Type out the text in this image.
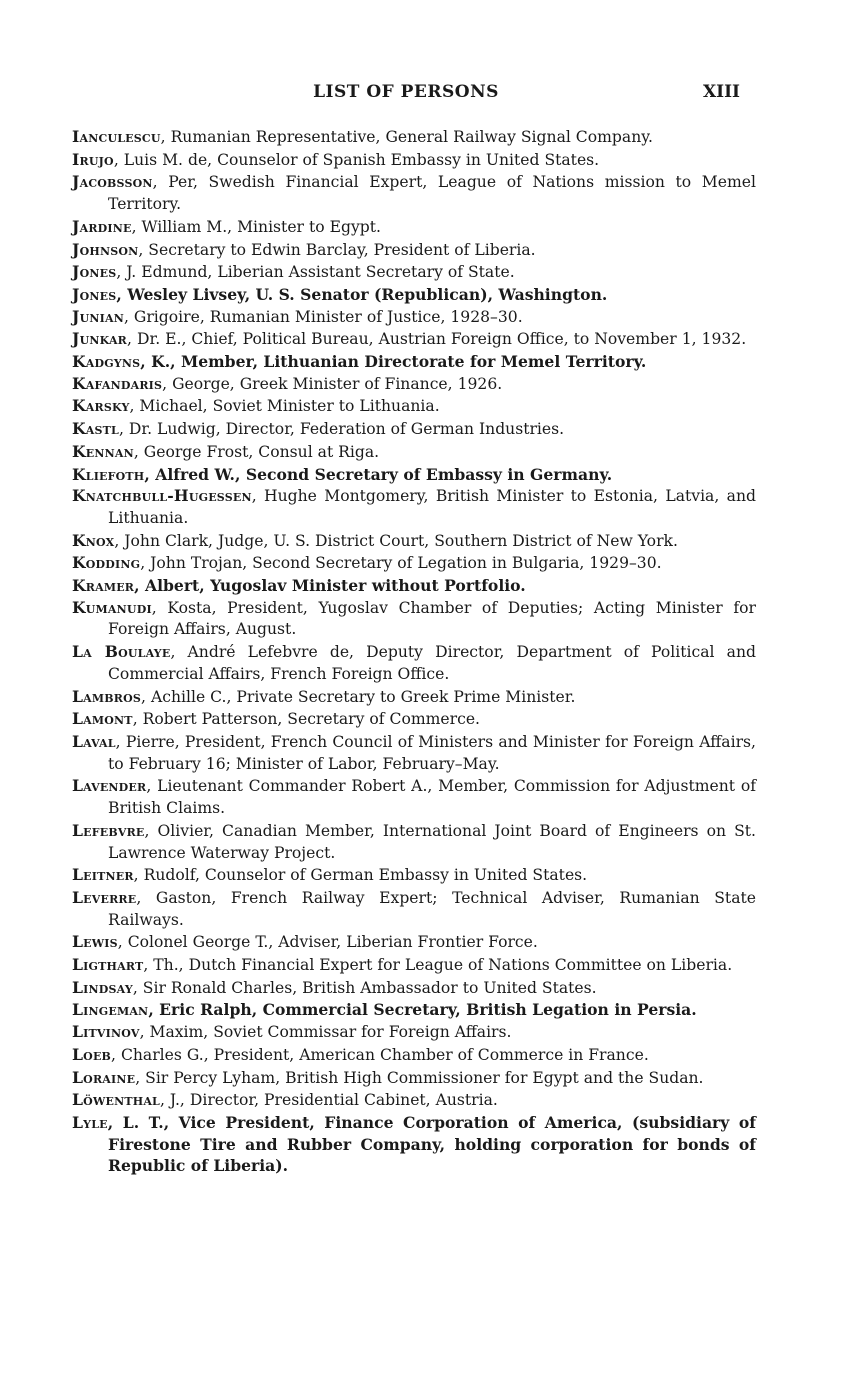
LIST OF PERSONS	XIII

Ianculescu, Rumanian Representative, General Railway Signal Company.

Irujo, Luis M. de, Counselor of Spanish Embassy in United States.

Jacobsson, Per, Swedish Financial Expert, League of Nations mission to Memel Territory.

Jardine, William M., Minister to Egypt.

Johnson, Secretary to Edwin Barclay, President of Liberia.

Jones, J. Edmund, Liberian Assistant Secretary of State.

Jones, Wesley Livsey, U. S. Senator (Republican), Washington.

Junian, Grigoire, Rumanian Minister of Justice, 1928–30.

Junkar, Dr. E., Chief, Political Bureau, Austrian Foreign Office, to November 1, 1932.

Kadgyns, K., Member, Lithuanian Directorate for Memel Territory.

Kafandaris, George, Greek Minister of Finance, 1926.

Karsky, Michael, Soviet Minister to Lithuania.

Kastl, Dr. Ludwig, Director, Federation of German Industries.

Kennan, George Frost, Consul at Riga.

Kliefoth, Alfred W., Second Secretary of Embassy in Germany.

Knatchbull-Hugessen, Hughe Montgomery, British Minister to Estonia, Latvia, and Lithuania.

Knox, John Clark, Judge, U. S. District Court, Southern District of New York.

Kodding, John Trojan, Second Secretary of Legation in Bulgaria, 1929–30.

Kramer, Albert, Yugoslav Minister without Portfolio.

Kumanudi, Kosta, President, Yugoslav Chamber of Deputies; Acting Minister for Foreign Affairs, August.

La Boulaye, André Lefebvre de, Deputy Director, Department of Political and Commercial Affairs, French Foreign Office.

Lambros, Achille C., Private Secretary to Greek Prime Minister.

Lamont, Robert Patterson, Secretary of Commerce.

Laval, Pierre, President, French Council of Ministers and Minister for Foreign Affairs, to February 16; Minister of Labor, February–May.

Lavender, Lieutenant Commander Robert A., Member, Commission for Adjustment of British Claims.

Lefebvre, Olivier, Canadian Member, International Joint Board of Engineers on St. Lawrence Waterway Project.

Leitner, Rudolf, Counselor of German Embassy in United States.

Leverre, Gaston, French Railway Expert; Technical Adviser, Rumanian State Railways.

Lewis, Colonel George T., Adviser, Liberian Frontier Force.

Ligthart, Th., Dutch Financial Expert for League of Nations Committee on Liberia.

Lindsay, Sir Ronald Charles, British Ambassador to United States.

Lingeman, Eric Ralph, Commercial Secretary, British Legation in Persia.

Litvinov, Maxim, Soviet Commissar for Foreign Affairs.

Loeb, Charles G., President, American Chamber of Commerce in France.

Loraine, Sir Percy Lyham, British High Commissioner for Egypt and the Sudan.

Löwenthal, J., Director, Presidential Cabinet, Austria.

Lyle, L. T., Vice President, Finance Corporation of America, (subsidiary of Firestone Tire and Rubber Company, holding corporation for bonds of Republic of Liberia).
